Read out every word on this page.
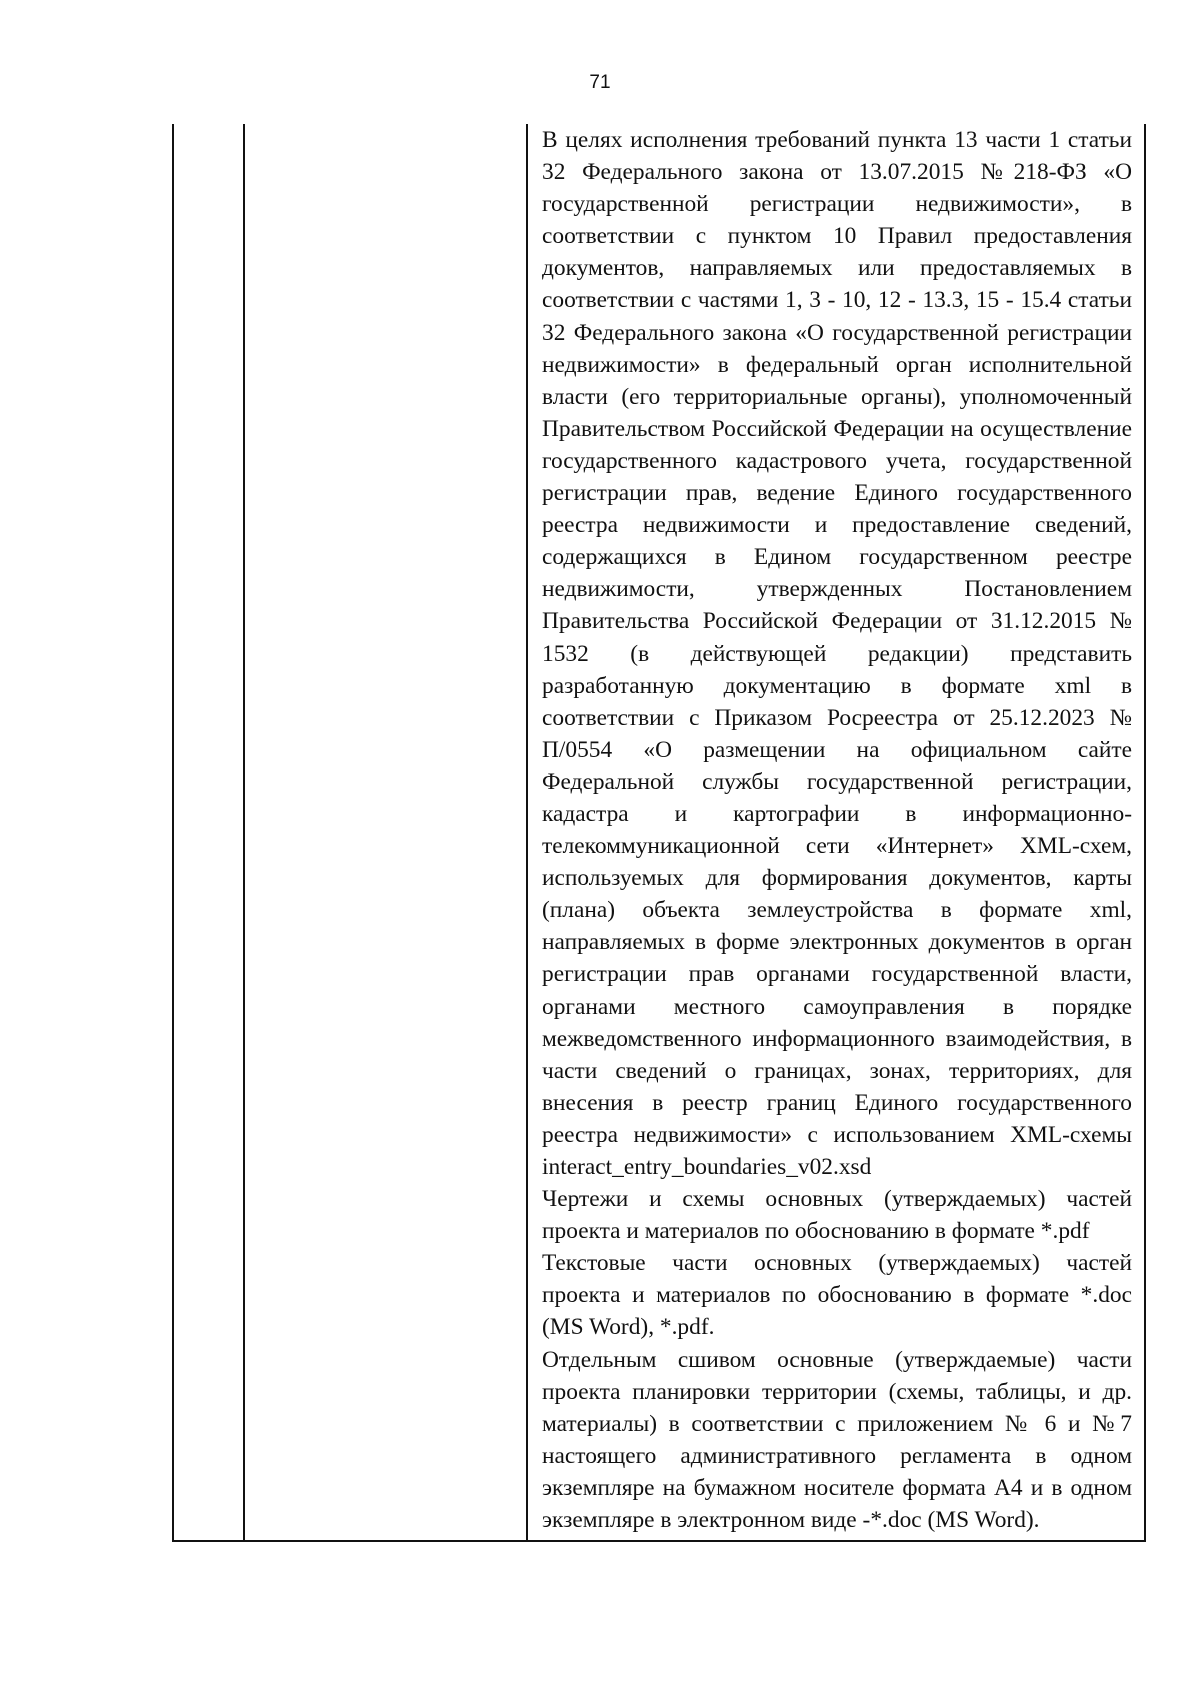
71

В целях исполнения требований пункта 13 части 1 статьи 32 Федерального закона от 13.07.2015 №218-ФЗ «О государственной регистрации недвижимости», в соответствии с пунктом 10 Правил предоставления документов, направляемых или предоставляемых в соответствии с частями 1, 3 - 10, 12 - 13.3, 15 - 15.4 статьи 32 Федерального закона «О государственной регистрации недвижимости» в федеральный орган исполнительной власти (его территориальные органы), уполномоченный Правительством Российской Федерации на осуществление государственного кадастрового учета, государственной регистрации прав, ведение Единого государственного реестра недвижимости и предоставление сведений, содержащихся в Едином государственном реестре недвижимости, утвержденных Постановлением Правительства Российской Федерации от 31.12.2015 № 1532 (в действующей редакции) представить разработанную документацию в формате xml в соответствии с Приказом Росреестра от 25.12.2023 № П/0554 «О размещении на официальном сайте Федеральной службы государственной регистрации, кадастра и картографии в информационно-телекоммуникационной сети «Интернет» XML-схем, используемых для формирования документов, карты (плана) объекта землеустройства в формате xml, направляемых в форме электронных документов в орган регистрации прав органами государственной власти, органами местного самоуправления в порядке межведомственного информационного взаимодействия, в части сведений о границах, зонах, территориях, для внесения в реестр границ Единого государственного реестра недвижимости» с использованием XML-схемы interact_entry_boundaries_v02.xsd

Чертежи и схемы основных (утверждаемых) частей проекта и материалов по обоснованию в формате *.pdf

Текстовые части основных (утверждаемых) частей проекта и материалов по обоснованию в формате *.doc (MS Word), *.pdf.

Отдельным сшивом основные (утверждаемые) части проекта планировки территории (схемы, таблицы, и др. материалы) в соответствии с приложением № 6 и №7 настоящего административного регламента в одном экземпляре на бумажном носителе формата А4 и в одном экземпляре в электронном виде -*.doc (MS Word).
